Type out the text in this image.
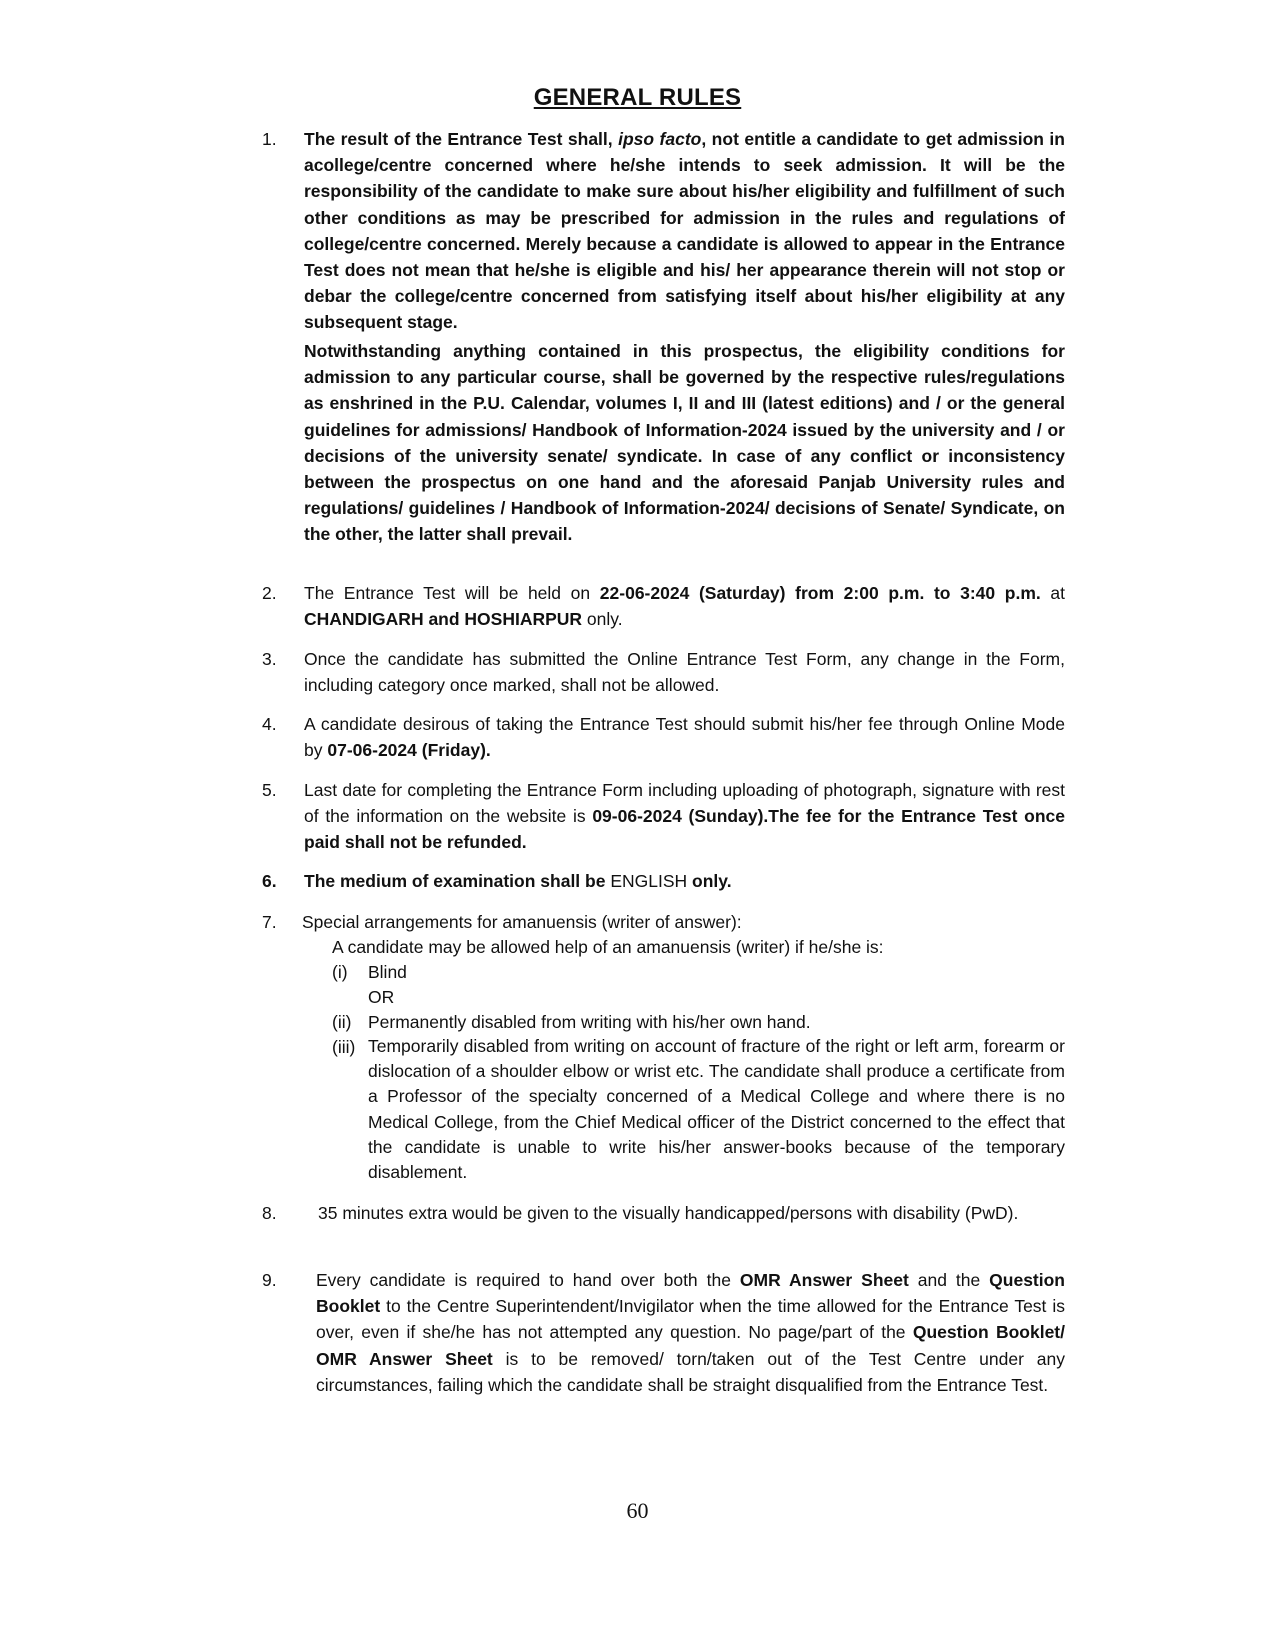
GENERAL RULES
1. The result of the Entrance Test shall, ipso facto, not entitle a candidate to get admission in acollege/centre concerned where he/she intends to seek admission. It will be the responsibility of the candidate to make sure about his/her eligibility and fulfillment of such other conditions as may be prescribed for admission in the rules and regulations of college/centre concerned. Merely because a candidate is allowed to appear in the Entrance Test does not mean that he/she is eligible and his/ her appearance therein will not stop or debar the college/centre concerned from satisfying itself about his/her eligibility at any subsequent stage.
Notwithstanding anything contained in this prospectus, the eligibility conditions for admission to any particular course, shall be governed by the respective rules/regulations as enshrined in the P.U. Calendar, volumes I, II and III (latest editions) and / or the general guidelines for admissions/ Handbook of Information-2024 issued by the university and / or decisions of the university senate/ syndicate. In case of any conflict or inconsistency between the prospectus on one hand and the aforesaid Panjab University rules and regulations/ guidelines / Handbook of Information-2024/ decisions of Senate/ Syndicate, on the other, the latter shall prevail.
2. The Entrance Test will be held on 22-06-2024 (Saturday) from 2:00 p.m. to 3:40 p.m. at CHANDIGARH and HOSHIARPUR only.
3. Once the candidate has submitted the Online Entrance Test Form, any change in the Form, including category once marked, shall not be allowed.
4. A candidate desirous of taking the Entrance Test should submit his/her fee through Online Mode by 07-06-2024 (Friday).
5. Last date for completing the Entrance Form including uploading of photograph, signature with rest of the information on the website is 09-06-2024 (Sunday).The fee for the Entrance Test once paid shall not be refunded.
6. The medium of examination shall be ENGLISH only.
7. Special arrangements for amanuensis (writer of answer):
A candidate may be allowed help of an amanuensis (writer) if he/she is:
(i) Blind
OR
(ii) Permanently disabled from writing with his/her own hand.
(iii) Temporarily disabled from writing on account of fracture of the right or left arm, forearm or dislocation of a shoulder elbow or wrist etc. The candidate shall produce a certificate from a Professor of the specialty concerned of a Medical College and where there is no Medical College, from the Chief Medical officer of the District concerned to the effect that the candidate is unable to write his/her answer-books because of the temporary disablement.
8. 35 minutes extra would be given to the visually handicapped/persons with disability (PwD).
9. Every candidate is required to hand over both the OMR Answer Sheet and the Question Booklet to the Centre Superintendent/Invigilator when the time allowed for the Entrance Test is over, even if she/he has not attempted any question. No page/part of the Question Booklet/ OMR Answer Sheet is to be removed/ torn/taken out of the Test Centre under any circumstances, failing which the candidate shall be straight disqualified from the Entrance Test.
60
